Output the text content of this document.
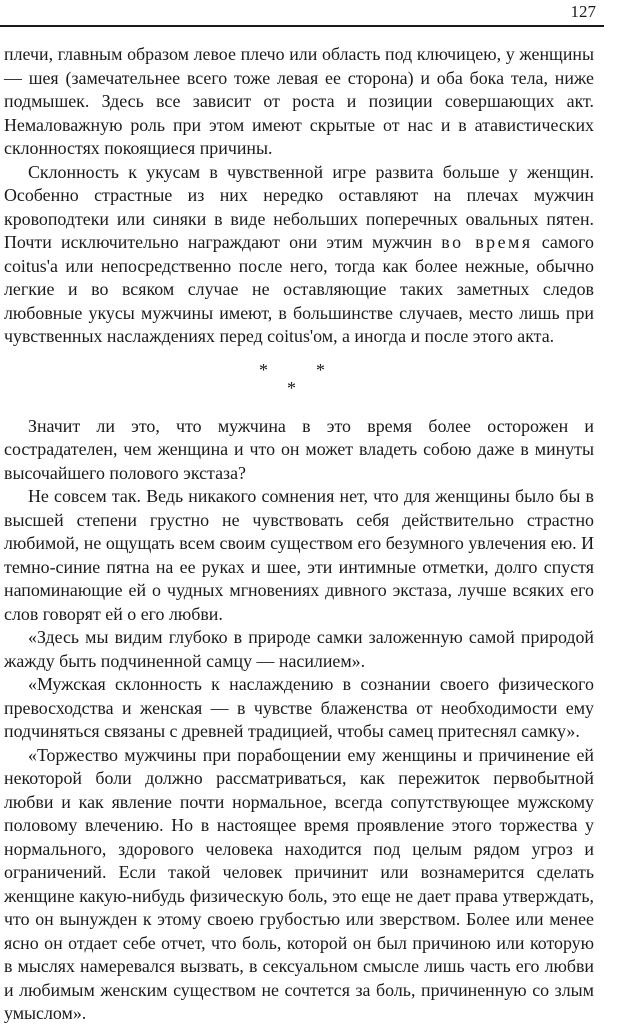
127

плечи, главным образом левое плечо или область под ключицею, у женщины — шея (замечательнее всего тоже левая ее сторона) и оба бока тела, ниже подмышек. Здесь все зависит от роста и позиции совершающих акт. Немаловажную роль при этом имеют скрытые от нас и в атавистических склонностях покоящиеся причины.

Склонность к укусам в чувственной игре развита больше у женщин. Особенно страстные из них нередко оставляют на плечах мужчин кровоподтеки или синяки в виде небольших поперечных овальных пятен. Почти исключительно награждают они этим мужчин во время самого coitus'а или непосредственно после него, тогда как более нежные, обычно легкие и во всяком случае не оставляющие таких заметных следов любовные укусы мужчины имеют, в большинстве случаев, место лишь при чувственных наслаждениях перед coitus'ом, а иногда и после этого акта.

*	*
*

Значит ли это, что мужчина в это время более осторожен и сострадателен, чем женщина и что он может владеть собою даже в минуты высочайшего полового экстаза?

Не совсем так. Ведь никакого сомнения нет, что для женщины было бы в высшей степени грустно не чувствовать себя действительно страстно любимой, не ощущать всем своим существом его безумного увлечения ею. И темно-синие пятна на ее руках и шее, эти интимные отметки, долго спустя напоминающие ей о чудных мгновениях дивного экстаза, лучше всяких его слов говорят ей о его любви.

«Здесь мы видим глубоко в природе самки заложенную самой природой жажду быть подчиненной самцу — насилием».

«Мужская склонность к наслаждению в сознании своего физического превосходства и женская — в чувстве блаженства от необходимости ему подчиняться связаны с древней традицией, чтобы самец притеснял самку».

«Торжество мужчины при порабощении ему женщины и причинение ей некоторой боли должно рассматриваться, как пережиток первобытной любви и как явление почти нормальное, всегда сопутствующее мужскому половому влечению. Но в настоящее время проявление этого торжества у нормального, здорового человека находится под целым рядом угроз и ограничений. Если такой человек причинит или вознамерится сделать женщине какую-нибудь физическую боль, это еще не дает права утверждать, что он вынужден к этому своею грубостью или зверством. Более или менее ясно он отдает себе отчет, что боль, которой он был причиною или которую в мыслях намеревался вызвать, в сексуальном смысле лишь часть его любви и любимым женским существом не сочтется за боль, причиненную со злым умыслом».
